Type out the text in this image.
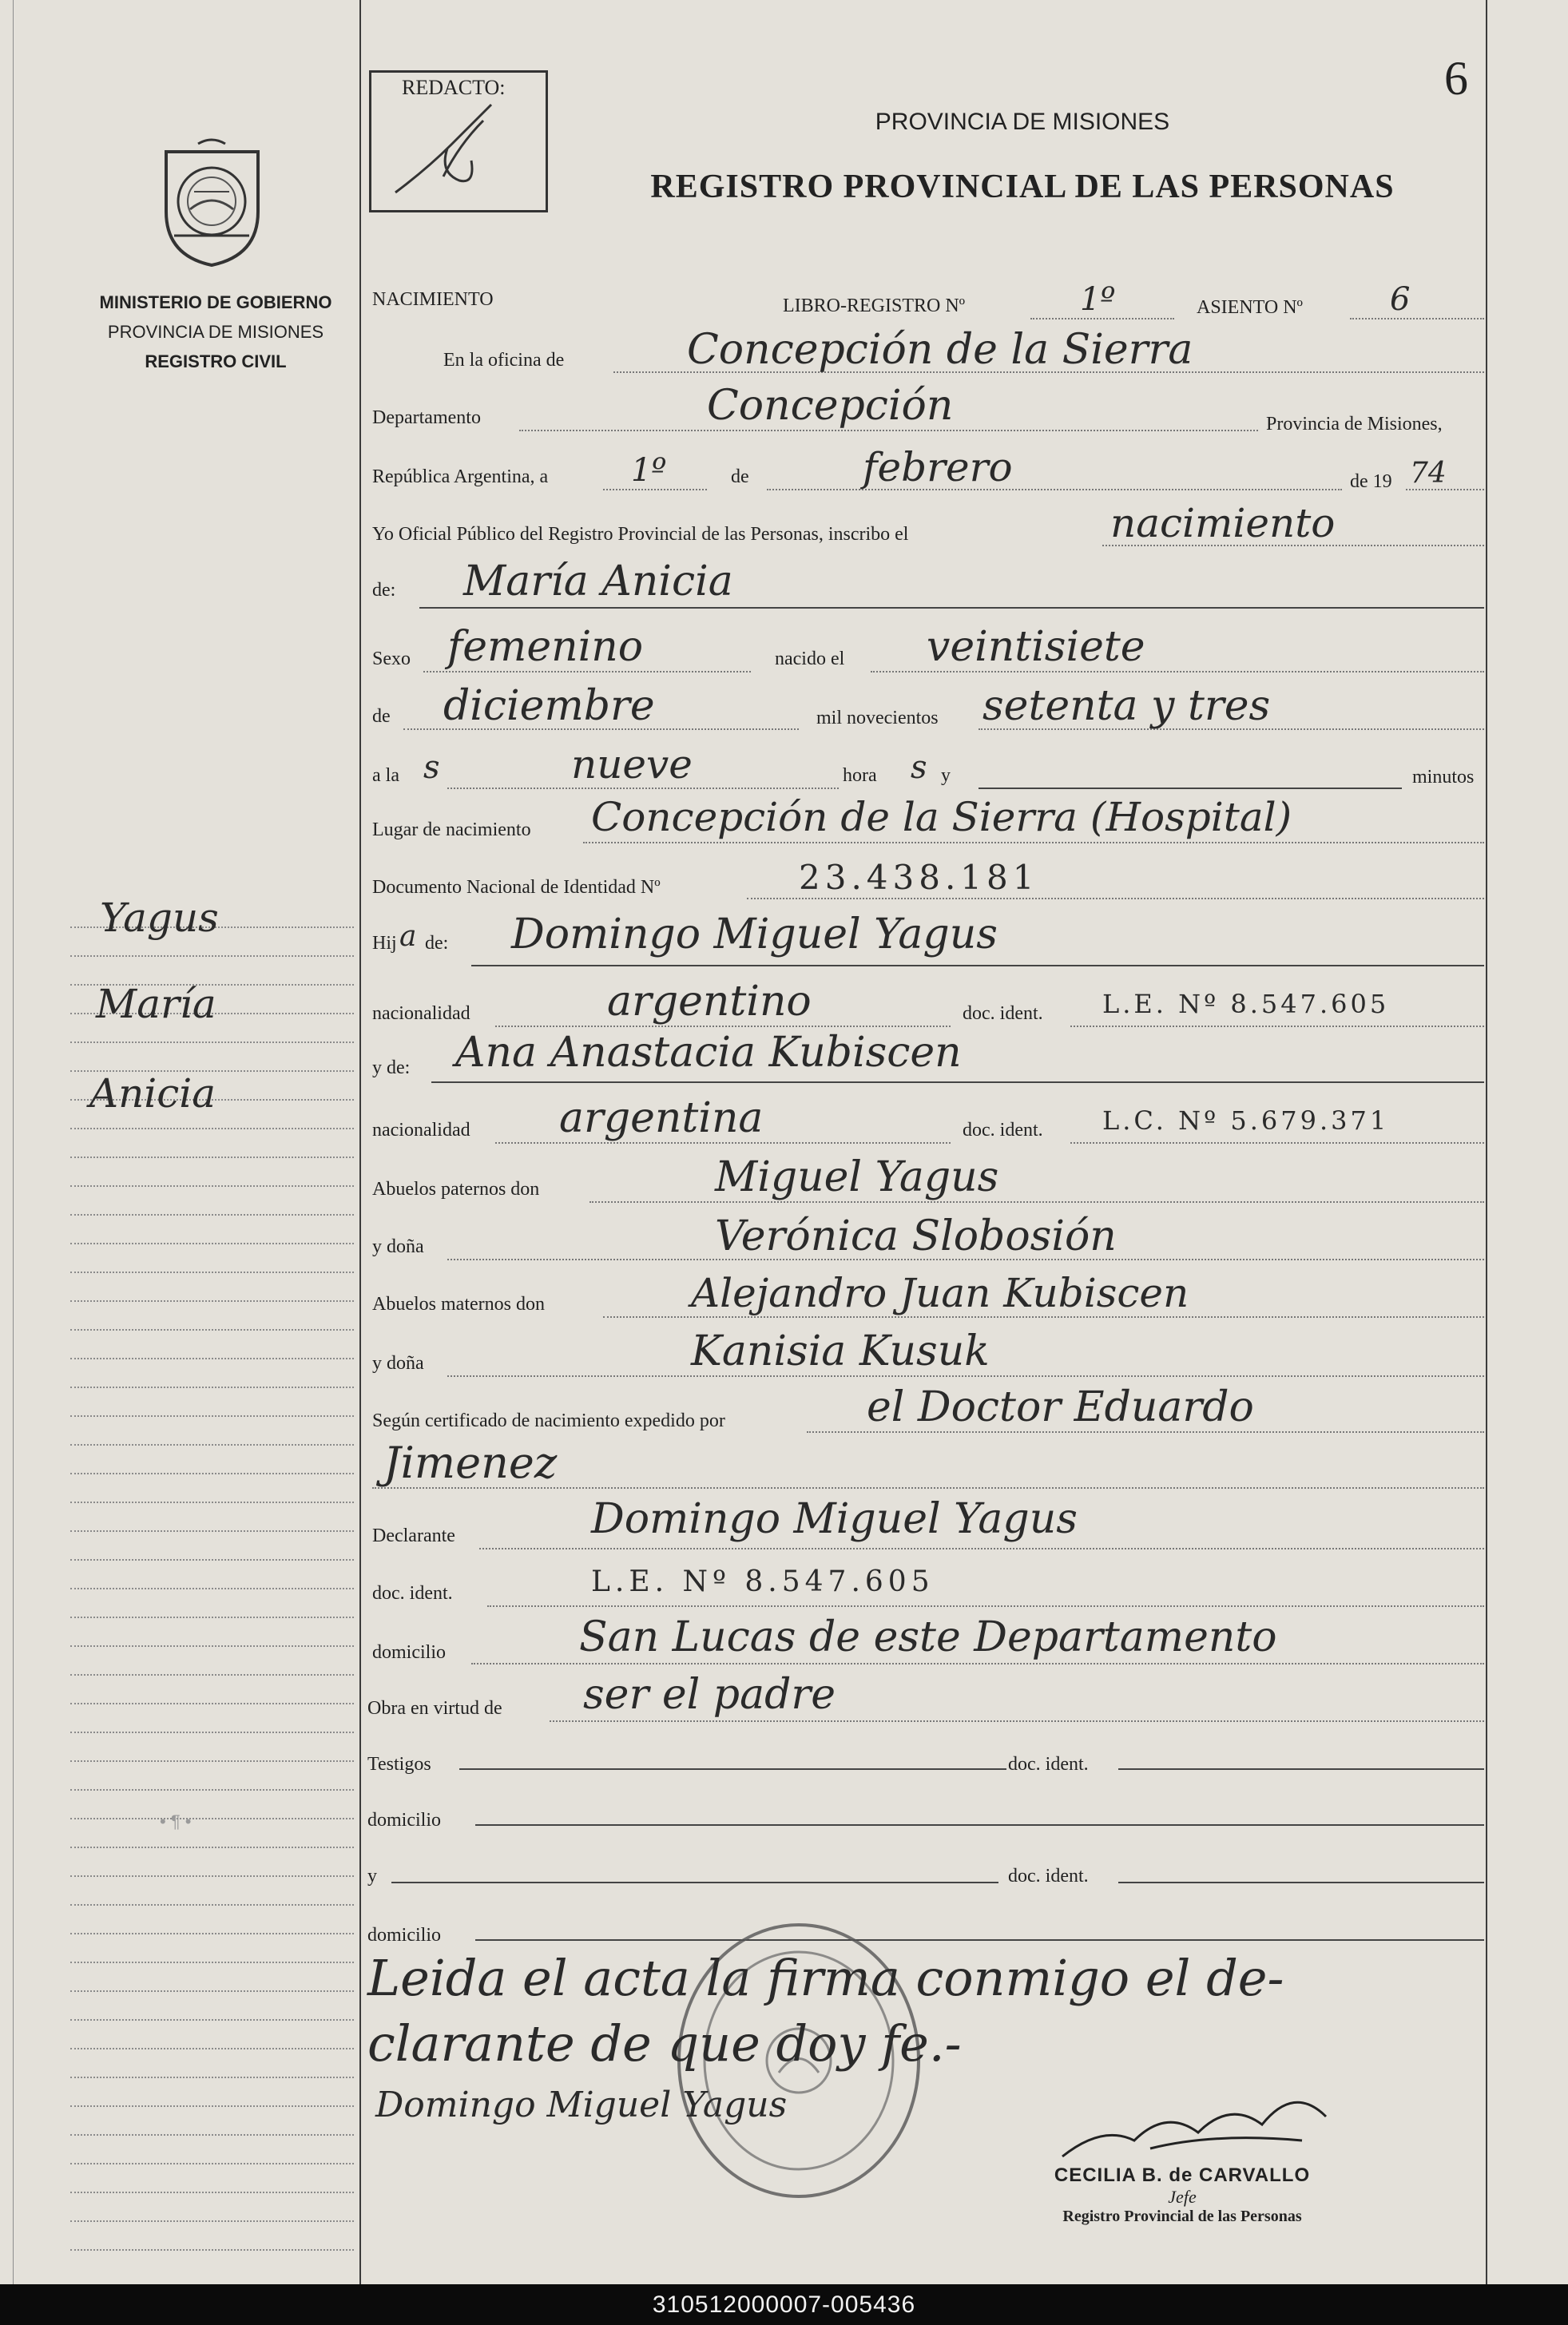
MINISTERIO DE GOBIERNO
PROVINCIA DE MISIONES
REGISTRO CIVIL
Yagus
María
Anicia
• ¶ •
REDACTO:	6
PROVINCIA DE MISIONES
REGISTRO PROVINCIAL DE LAS PERSONAS
NACIMIENTO	LIBRO-REGISTRO Nº	1º	ASIENTO Nº	6
En la oficina de	Concepción de la Sierra
Departamento	Concepción	Provincia de Misiones,
República Argentina, a	1º	de	febrero	de 19 74
Yo Oficial Público del Registro Provincial de las Personas, inscribo el	nacimiento
de: María Anicia
Sexo femenino	nacido el veintisiete
de diciembre	mil novecientos setenta y tres
a la s	nueve	hora s y	minutos
Lugar de nacimiento Concepción de la Sierra (Hospital)
Documento Nacional de Identidad Nº	23.438.181
Hij a de: Domingo Miguel Yagus
nacionalidad	argentino	doc. ident. L.E. Nº 8.547.605
y de: Ana Anastacia Kubiscen
nacionalidad argentina	doc. ident. L.C. Nº 5.679.371
Abuelos paternos don	Miguel Yagus
y doña	Verónica Slobosión
Abuelos maternos don	Alejandro Juan Kubiscen
y doña	Kanisia Kusuk
Según certificado de nacimiento expedido por	el Doctor Eduardo
Jimenez
Declarante	Domingo Miguel Yagus
doc. ident.	L.E. Nº 8.547.605
domicilio	San Lucas de este Departamento
Obra en virtud de ser el padre
Testigos	doc. ident.
domicilio
y	doc. ident.
domicilio
Leida el acta la firma conmigo el de-
clarante de que doy fe.-
Domingo Miguel Yagus
CECILIA B. de CARVALLO
Jefe
Registro Provincial de las Personas
310512000007-005436
